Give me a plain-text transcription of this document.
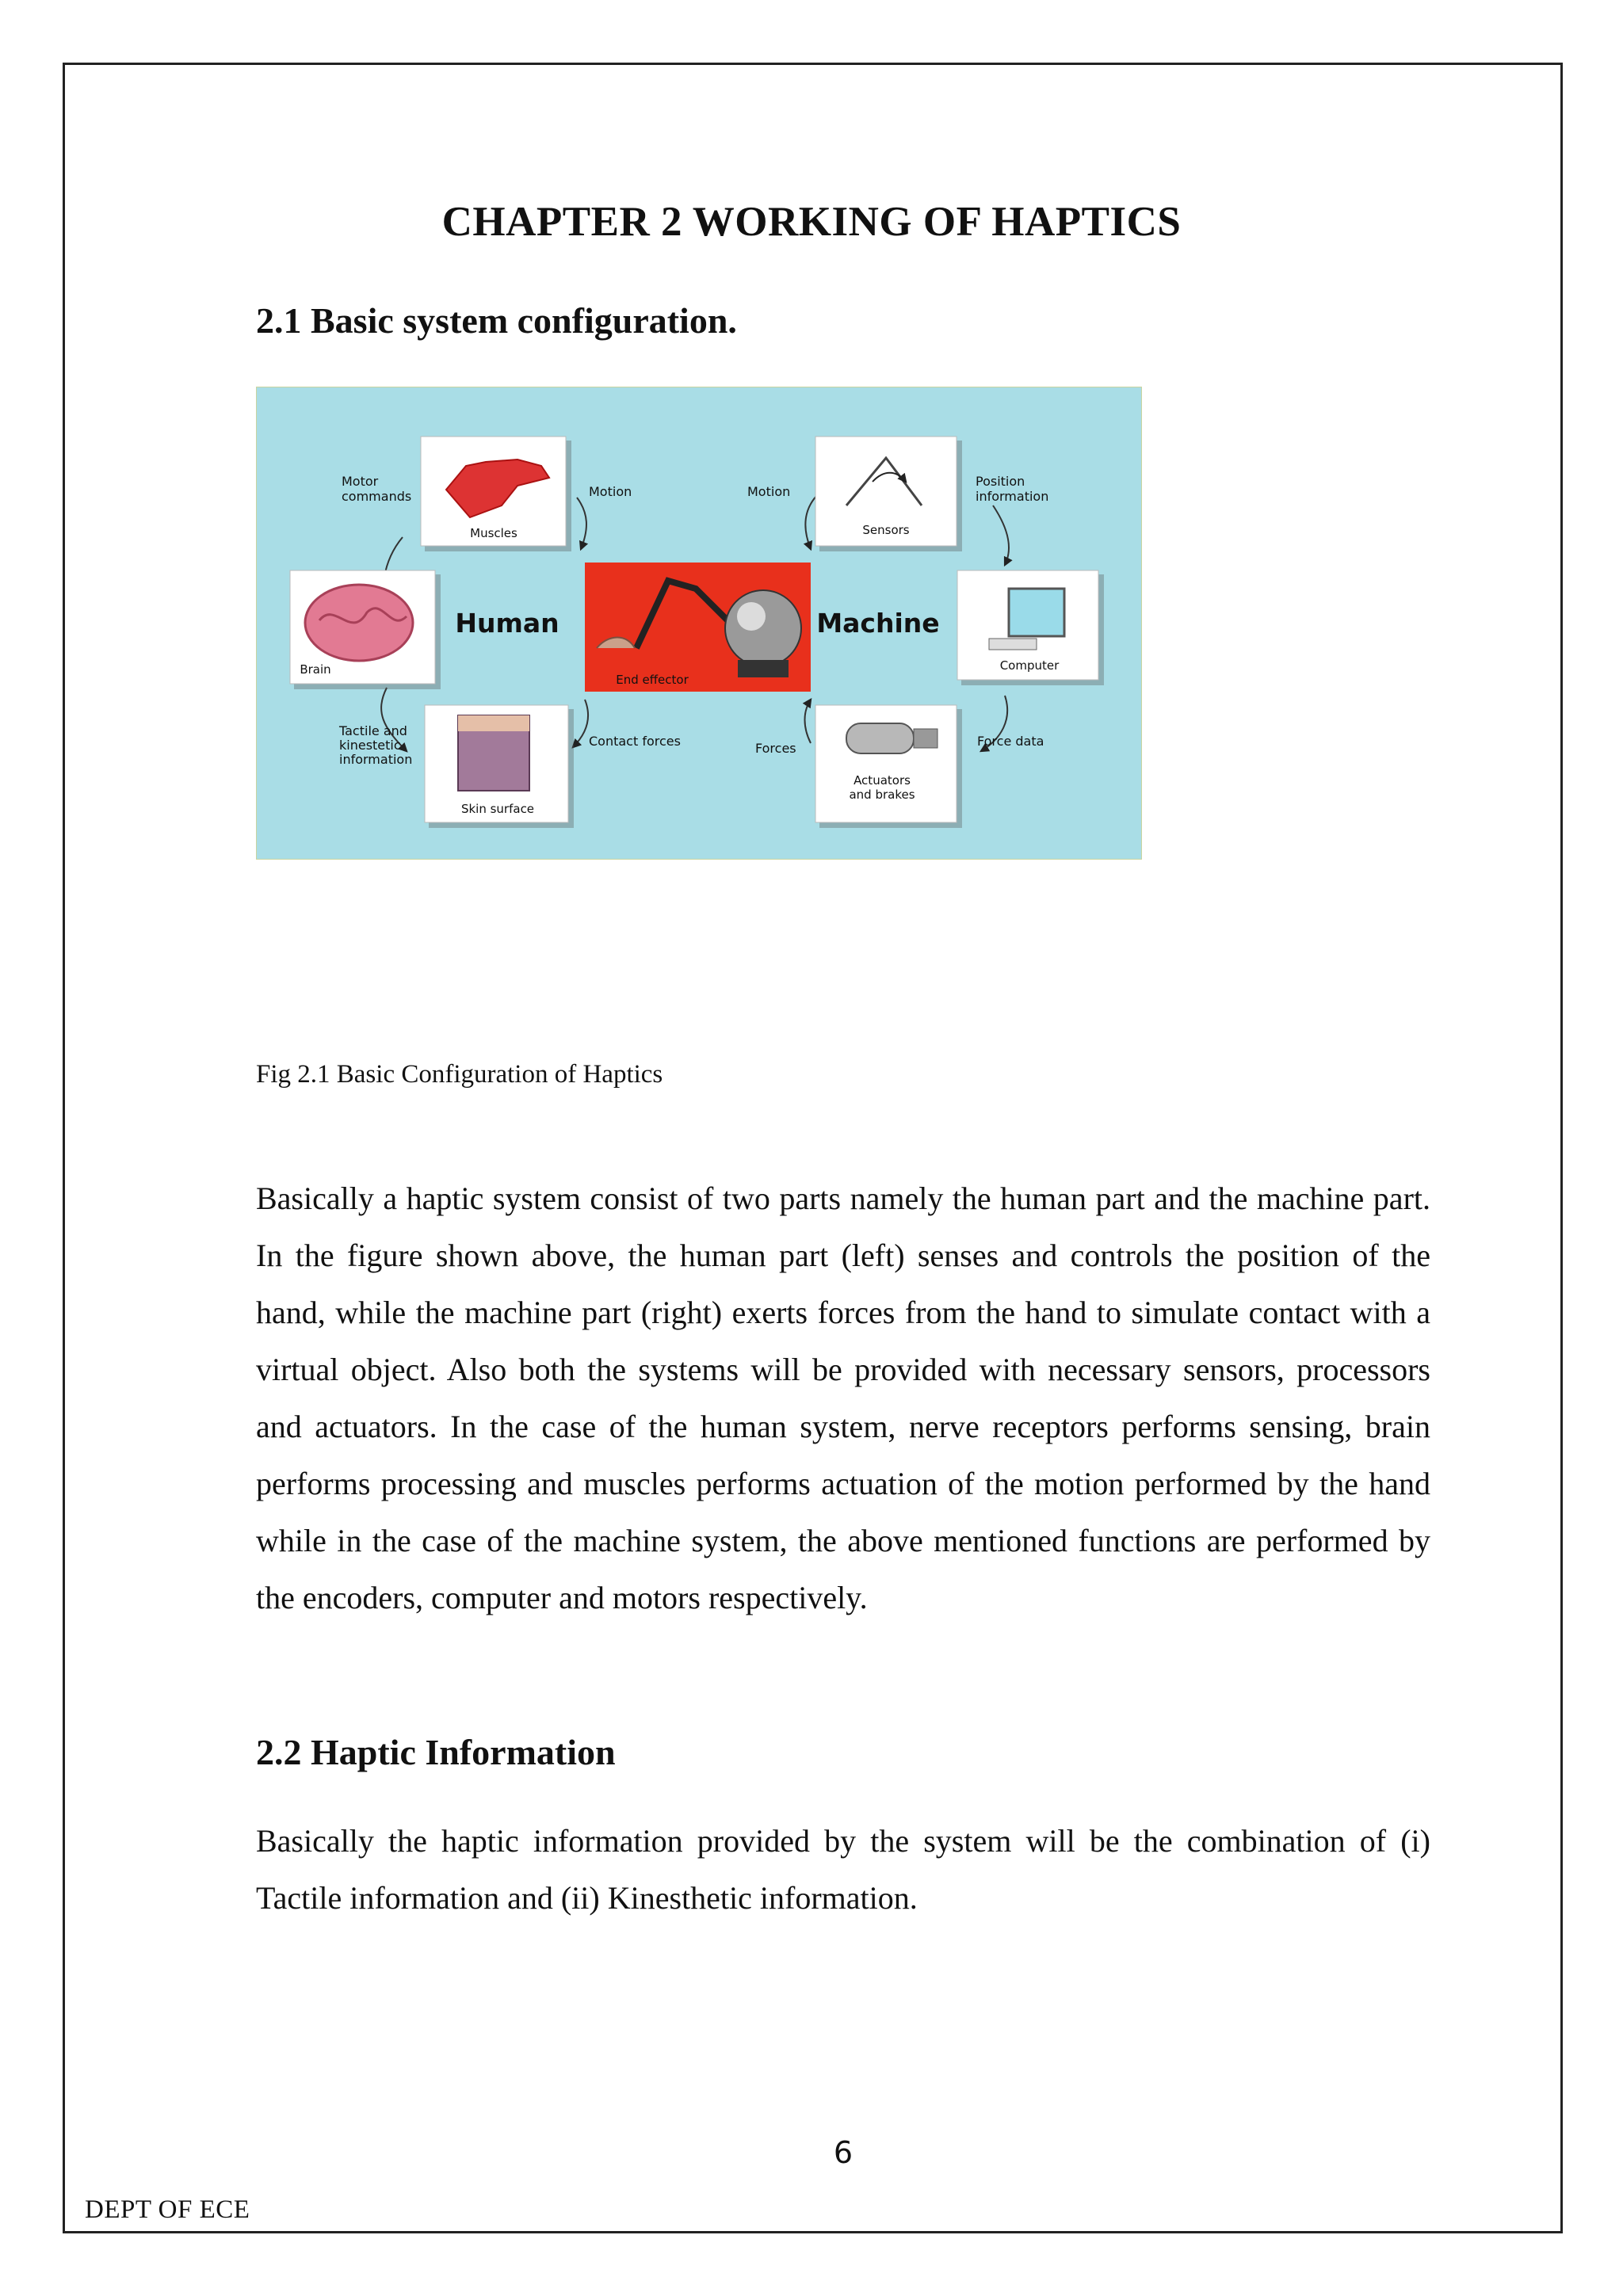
CHAPTER 2 WORKING OF HAPTICS
2.1 Basic system configuration.
End effector
Human	Machine
Muscles
Brain
Skin surface
Sensors
Computer
Actuators
and brakes
Motor
commands	Motion	Motion
Position
information
Tactile and
kinestetic
information
Contact forces	Forces	Force data
Fig 2.1 Basic Configuration of Haptics
Basically a haptic system consist of two parts namely the human part and the machine part. In the figure shown above, the human part (left) senses and controls the position of the hand, while the machine part (right) exerts forces from the hand to simulate contact with a virtual object. Also both the systems will be provided with necessary sensors, processors and actuators. In the case of the human system, nerve receptors performs sensing, brain performs processing and muscles performs actuation of the motion performed by the hand while in the case of the machine system, the above mentioned functions are performed by the encoders, computer and motors respectively.
2.2 Haptic Information
Basically the haptic information provided by the system will be the combination of (i) Tactile information and (ii) Kinesthetic information.
6
DEPT OF ECE
